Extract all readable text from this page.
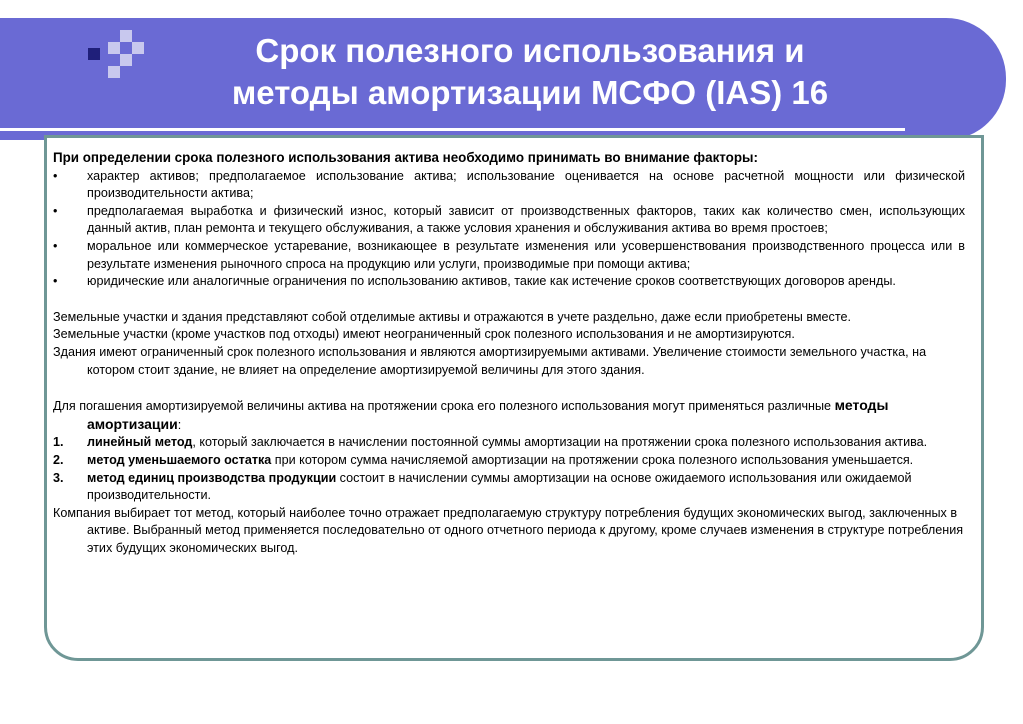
Срок полезного использования и
методы амортизации МСФО (IAS) 16
При определении срока полезного использования актива необходимо принимать во внимание факторы:
•	характер активов; предполагаемое использование актива; использование оценивается на основе расчетной мощности или физической производительности актива;
•	предполагаемая выработка и физический износ, который зависит от производственных факторов, таких как количество смен, использующих данный актив, план ремонта и текущего обслуживания, а также условия хранения и обслуживания актива во время простоев;
•	моральное или коммерческое устаревание, возникающее в результате изменения или усовершенствования производственного процесса или в результате изменения рыночного спроса на продукцию или услуги, производимые при помощи актива;
•	юридические или аналогичные ограничения по использованию активов, такие как истечение сроков соответствующих договоров аренды.
Земельные участки и здания представляют собой отделимые активы и отражаются в учете раздельно, даже если приобретены вместе.
Земельные участки (кроме участков под отходы) имеют неограниченный срок полезного использования и не амортизируются.
Здания имеют ограниченный срок полезного использования и являются амортизируемыми активами. Увеличение стоимости земельного участка, на котором стоит здание, не влияет на определение амортизируемой величины для этого здания.
Для погашения амортизируемой величины актива на протяжении срока его полезного использования могут применяться различные методы амортизации:
1.	линейный метод, который заключается в начислении постоянной суммы амортизации на протяжении срока полезного использования актива.
2.	метод уменьшаемого остатка при котором сумма начисляемой амортизации на протяжении срока полезного использования уменьшается.
3.	метод единиц производства продукции состоит в начислении суммы амортизации на основе ожидаемого использования или ожидаемой производительности.
Компания выбирает тот метод, который наиболее точно отражает предполагаемую структуру потребления будущих экономических выгод, заключенных в активе. Выбранный метод применяется последовательно от одного отчетного периода к другому, кроме случаев изменения в структуре потребления этих будущих экономических выгод.
